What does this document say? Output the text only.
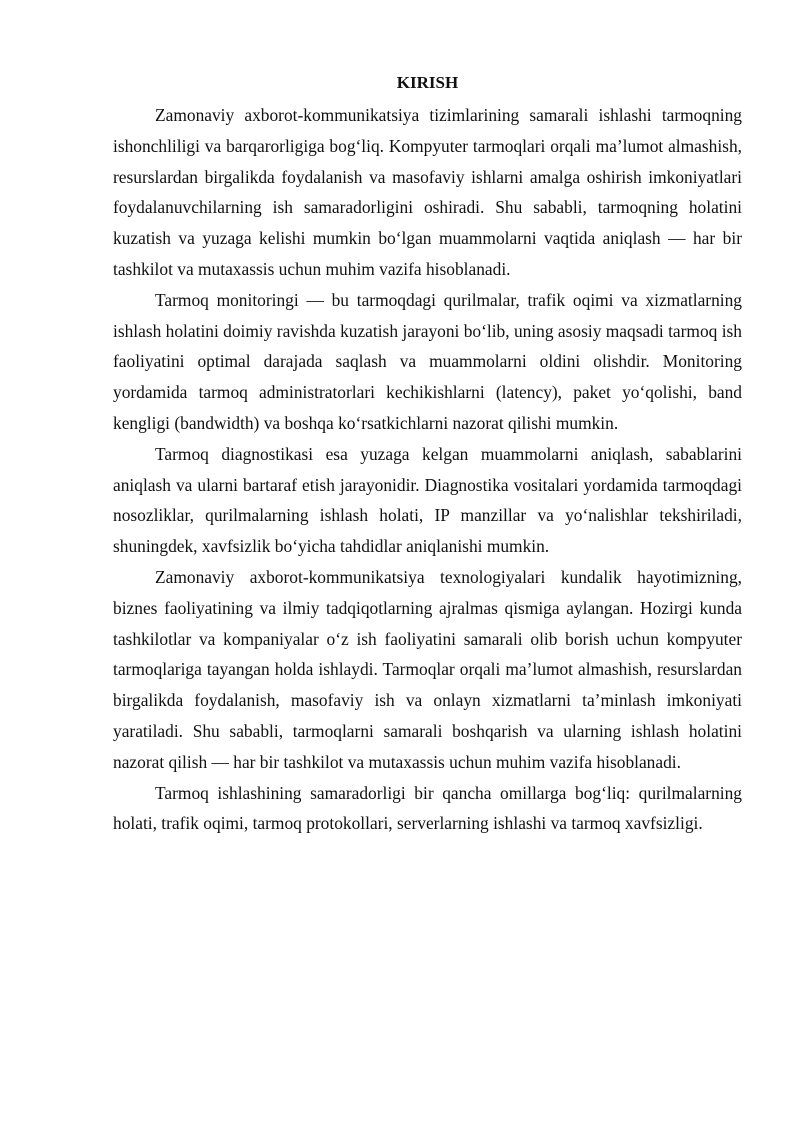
KIRISH

Zamonaviy axborot-kommunikatsiya tizimlarining samarali ishlashi tarmoqning ishonchliligi va barqarorligiga bog‘liq. Kompyuter tarmoqlari orqali ma’lumot almashish, resurslardan birgalikda foydalanish va masofaviy ishlarni amalga oshirish imkoniyatlari foydalanuvchilarning ish samaradorligini oshiradi. Shu sababli, tarmoqning holatini kuzatish va yuzaga kelishi mumkin bo‘lgan muammolarni vaqtida aniqlash — har bir tashkilot va mutaxassis uchun muhim vazifa hisoblanadi.

Tarmoq monitoringi — bu tarmoqdagi qurilmalar, trafik oqimi va xizmatlarning ishlash holatini doimiy ravishda kuzatish jarayoni bo‘lib, uning asosiy maqsadi tarmoq ish faoliyatini optimal darajada saqlash va muammolarni oldini olishdir. Monitoring yordamida tarmoq administratorlari kechikishlarni (latency), paket yo‘qolishi, band kengligi (bandwidth) va boshqa ko‘rsatkichlarni nazorat qilishi mumkin.

Tarmoq diagnostikasi esa yuzaga kelgan muammolarni aniqlash, sabablarini aniqlash va ularni bartaraf etish jarayonidir. Diagnostika vositalari yordamida tarmoqdagi nosozliklar, qurilmalarning ishlash holati, IP manzillar va yo‘nalishlar tekshiriladi, shuningdek, xavfsizlik bo‘yicha tahdidlar aniqlanishi mumkin.

Zamonaviy axborot-kommunikatsiya texnologiyalari kundalik hayotimizning, biznes faoliyatining va ilmiy tadqiqotlarning ajralmas qismiga aylangan. Hozirgi kunda tashkilotlar va kompaniyalar o‘z ish faoliyatini samarali olib borish uchun kompyuter tarmoqlariga tayangan holda ishlaydi. Tarmoqlar orqali ma’lumot almashish, resurslardan birgalikda foydalanish, masofaviy ish va onlayn xizmatlarni ta’minlash imkoniyati yaratiladi. Shu sababli, tarmoqlarni samarali boshqarish va ularning ishlash holatini nazorat qilish — har bir tashkilot va mutaxassis uchun muhim vazifa hisoblanadi.

Tarmoq ishlashining samaradorligi bir qancha omillarga bog‘liq: qurilmalarning holati, trafik oqimi, tarmoq protokollari, serverlarning ishlashi va tarmoq xavfsizligi.
